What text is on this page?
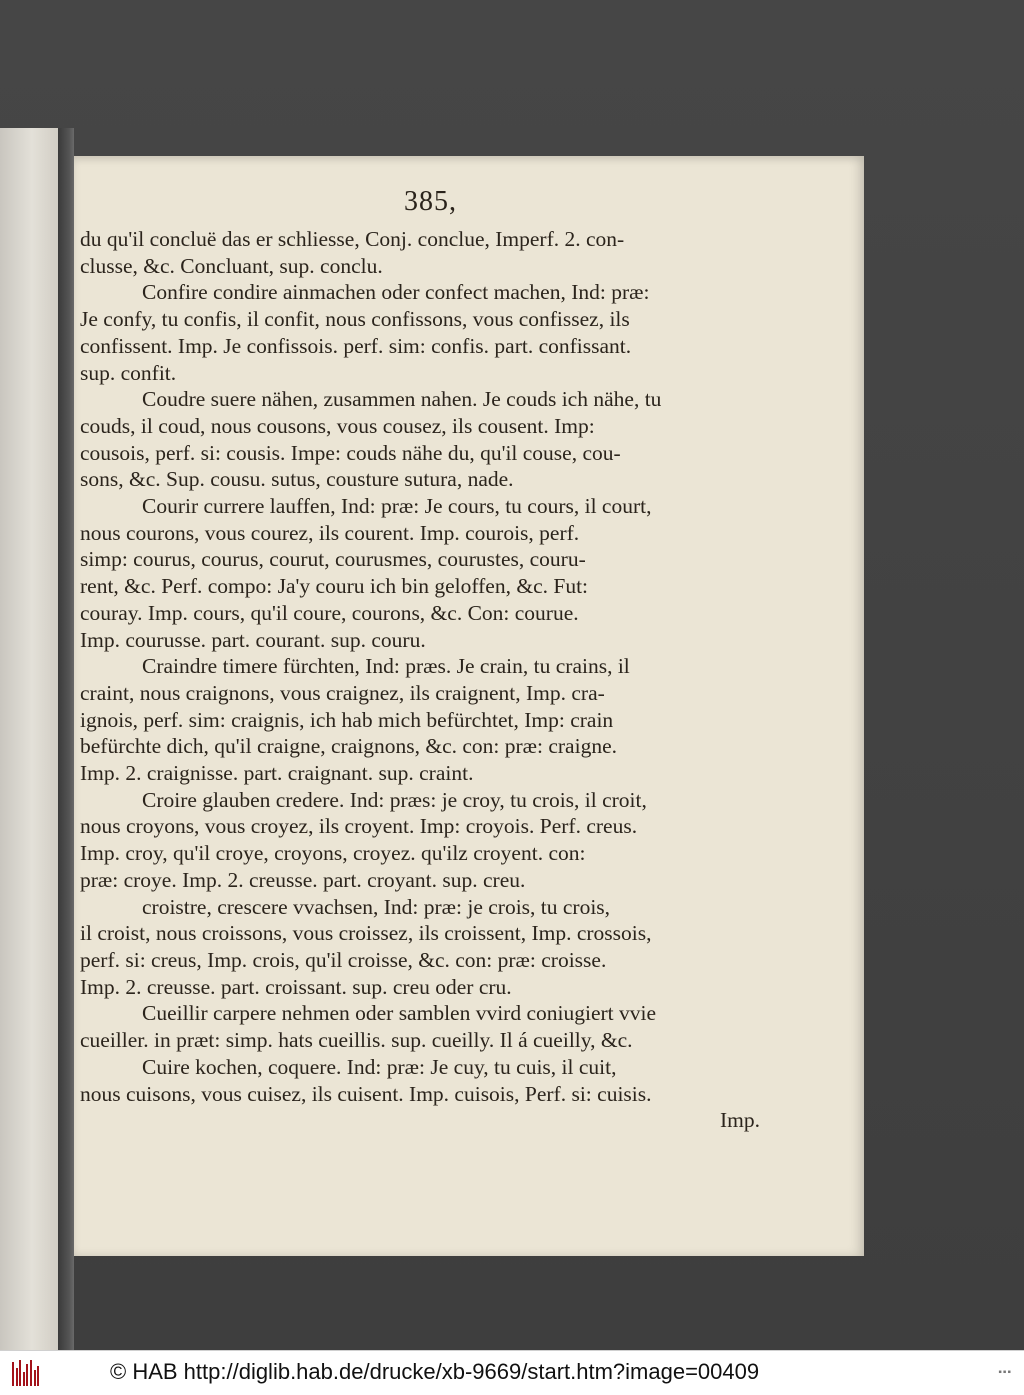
385,
du qu'il concluë das er schliesse, Conj. conclue, Imperf. 2. con-
clusse, &c. Concluant, sup. conclu.
Confire condire ainmachen oder confect machen, Ind: præ:
Je confy, tu confis, il confit, nous confissons, vous confissez, ils
confissent. Imp. Je confissois. perf. sim: confis. part. confissant.
sup. confit.
Coudre suere nähen, zusammen nahen. Je couds ich nähe, tu
couds, il coud, nous cousons, vous cousez, ils cousent. Imp:
cousois, perf. si: cousis. Impe: couds nähe du, qu'il couse, cou-
sons, &c. Sup. cousu. sutus, cousture sutura, nade.
Courir currere lauffen, Ind: præ: Je cours, tu cours, il court,
nous courons, vous courez, ils courent. Imp. courois, perf.
simp: courus, courus, courut, courusmes, courustes, couru-
rent, &c. Perf. compo: Ja'y couru ich bin geloffen, &c. Fut:
couray. Imp. cours, qu'il coure, courons, &c. Con: courue.
Imp. courusse. part. courant. sup. couru.
Craindre timere fürchten, Ind: præs. Je crain, tu crains, il
craint, nous craignons, vous craignez, ils craignent, Imp. cra-
ignois, perf. sim: craignis, ich hab mich befürchtet, Imp: crain
befürchte dich, qu'il craigne, craignons, &c. con: præ: craigne.
Imp. 2. craignisse. part. craignant. sup. craint.
Croire glauben credere. Ind: præs: je croy, tu crois, il croit,
nous croyons, vous croyez, ils croyent. Imp: croyois. Perf. creus.
Imp. croy, qu'il croye, croyons, croyez. qu'ilz croyent. con:
præ: croye. Imp. 2. creusse. part. croyant. sup. creu.
croistre, crescere vvachsen, Ind: præ: je crois, tu crois,
il croist, nous croissons, vous croissez, ils croissent, Imp. crossois,
perf. si: creus, Imp. crois, qu'il croisse, &c. con: præ: croisse.
Imp. 2. creusse. part. croissant. sup. creu oder cru.
Cueillir carpere nehmen oder samblen vvird coniugiert vvie
cueiller. in præt: simp. hats cueillis. sup. cueilly. Il á cueilly, &c.
Cuire kochen, coquere. Ind: præ: Je cuy, tu cuis, il cuit,
nous cuisons, vous cuisez, ils cuisent. Imp. cuisois, Perf. si: cuisis.
Imp.
© HAB http://diglib.hab.de/drucke/xb-9669/start.htm?image=00409	▪▪▪
